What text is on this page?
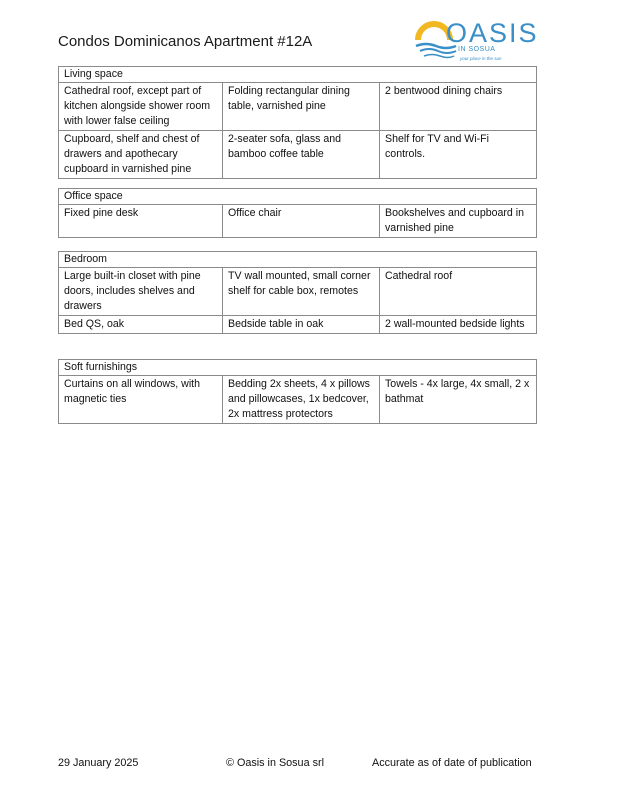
Condos Dominicanos Apartment #12A	OASIS
IN SOSUA
your place in the sun
Living space		
Cathedral roof, except part of kitchen alongside shower room with lower false ceiling	Folding rectangular dining table, varnished pine	2 bentwood dining chairs
Cupboard, shelf and chest of drawers and apothecary cupboard in varnished pine	2-seater sofa, glass and bamboo coffee table	Shelf for TV and Wi-Fi controls.
Office space
Fixed pine desk	Office chair	Bookshelves and cupboard in varnished pine
Bedroom		
Large built-in closet with pine doors, includes shelves and drawers	TV wall mounted, small corner shelf for cable box, remotes	Cathedral roof
Bed QS, oak	Bedside table in oak	2 wall-mounted bedside lights
Soft furnishings
Curtains on all windows, with magnetic ties	Bedding 2x sheets, 4 x pillows and pillowcases, 1x bedcover, 2x mattress protectors	Towels - 4x large, 4x small, 2 x bathmat
29 January 2025	© Oasis in Sosua srl	Accurate as of date of publication
